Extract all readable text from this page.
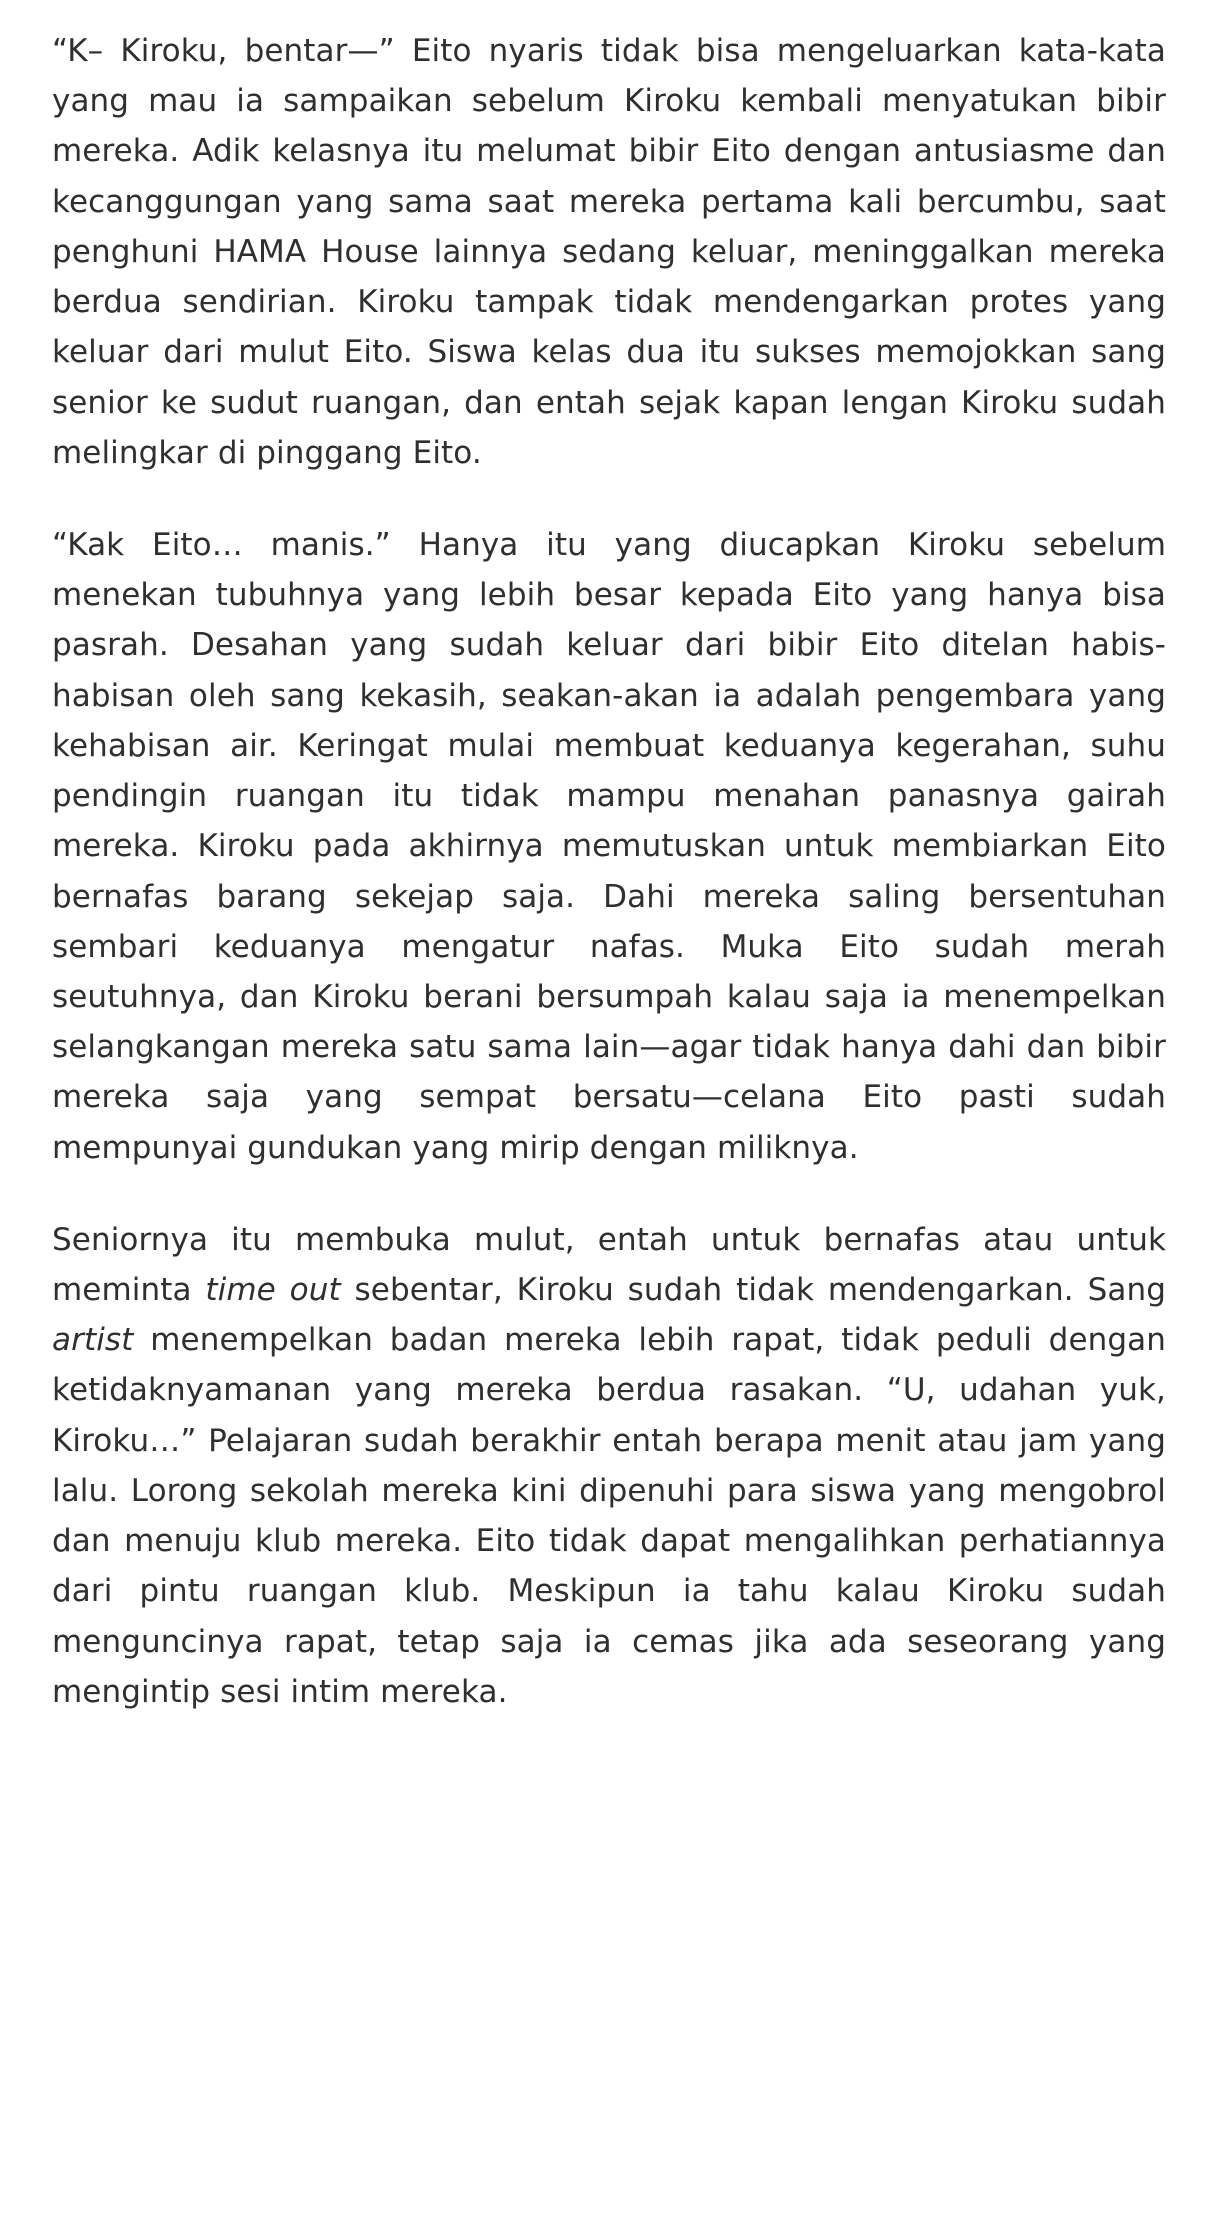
“K– Kiroku, bentar—” Eito nyaris tidak bisa mengeluarkan kata-kata yang mau ia sampaikan sebelum Kiroku kembali menyatukan bibir mereka. Adik kelasnya itu melumat bibir Eito dengan antusiasme dan kecanggungan yang sama saat mereka pertama kali bercumbu, saat penghuni HAMA House lainnya sedang keluar, meninggalkan mereka berdua sendirian. Kiroku tampak tidak mendengarkan protes yang keluar dari mulut Eito. Siswa kelas dua itu sukses memojokkan sang senior ke sudut ruangan, dan entah sejak kapan lengan Kiroku sudah melingkar di pinggang Eito.

“Kak Eito… manis.” Hanya itu yang diucapkan Kiroku sebelum menekan tubuhnya yang lebih besar kepada Eito yang hanya bisa pasrah. Desahan yang sudah keluar dari bibir Eito ditelan habis-habisan oleh sang kekasih, seakan-akan ia adalah pengembara yang kehabisan air. Keringat mulai membuat keduanya kegerahan, suhu pendingin ruangan itu tidak mampu menahan panasnya gairah mereka. Kiroku pada akhirnya memutuskan untuk membiarkan Eito bernafas barang sekejap saja. Dahi mereka saling bersentuhan sembari keduanya mengatur nafas. Muka Eito sudah merah seutuhnya, dan Kiroku berani bersumpah kalau saja ia menempelkan selangkangan mereka satu sama lain—agar tidak hanya dahi dan bibir mereka saja yang sempat bersatu—celana Eito pasti sudah mempunyai gundukan yang mirip dengan miliknya.

Seniornya itu membuka mulut, entah untuk bernafas atau untuk meminta time out sebentar, Kiroku sudah tidak mendengarkan. Sang artist menempelkan badan mereka lebih rapat, tidak peduli dengan ketidaknyamanan yang mereka berdua rasakan. “U, udahan yuk, Kiroku…” Pelajaran sudah berakhir entah berapa menit atau jam yang lalu. Lorong sekolah mereka kini dipenuhi para siswa yang mengobrol dan menuju klub mereka. Eito tidak dapat mengalihkan perhatiannya dari pintu ruangan klub. Meskipun ia tahu kalau Kiroku sudah menguncinya rapat, tetap saja ia cemas jika ada seseorang yang mengintip sesi intim mereka.
